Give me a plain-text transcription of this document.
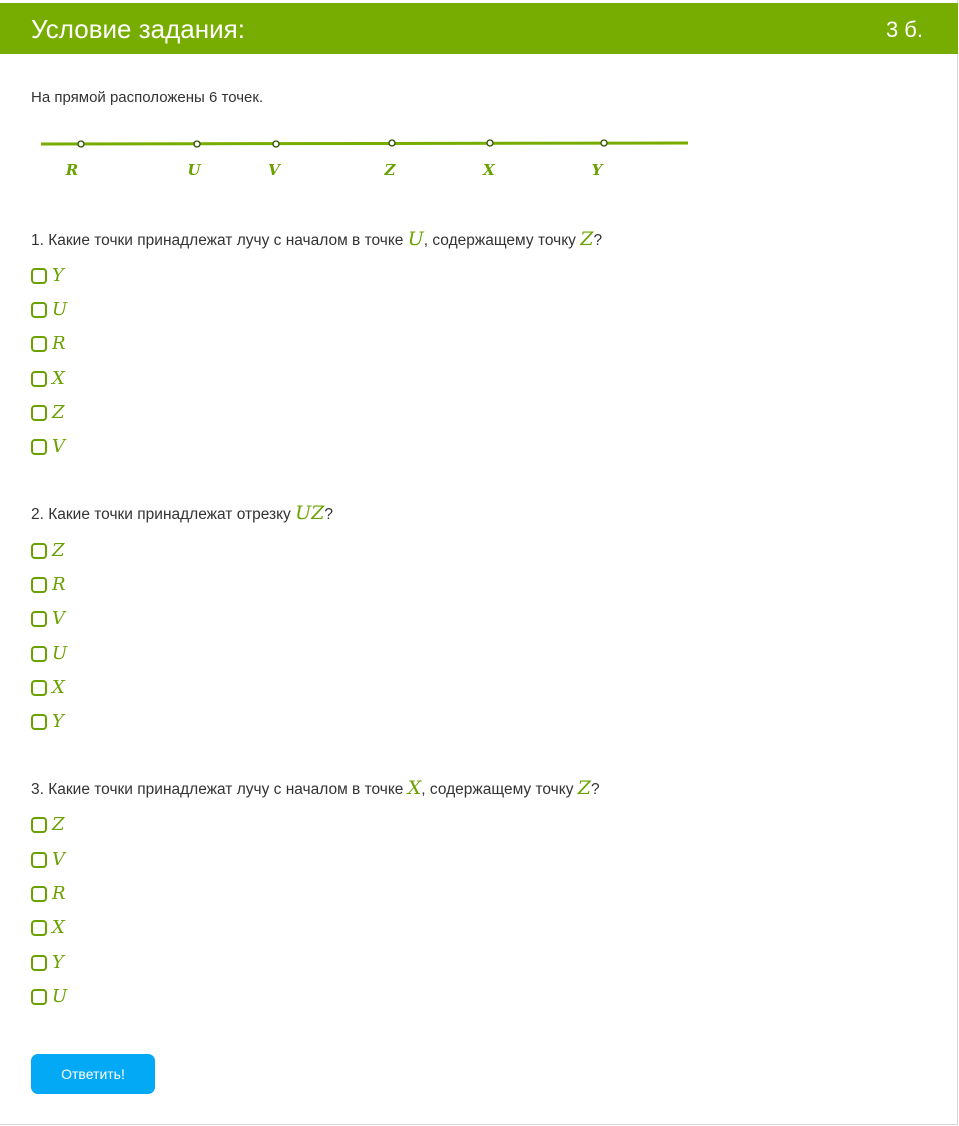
Условие задания:	3 б.
На прямой расположены 6 точек.
R	U	V	Z	X	Y
1. Какие точки принадлежат лучу с началом в точке U, содержащему точку Z?
Y
U
R
X
Z
V
2. Какие точки принадлежат отрезку UZ?
Z
R
V
U
X
Y
3. Какие точки принадлежат лучу с началом в точке X, содержащему точку Z?
Z
V
R
X
Y
U
Ответить!
